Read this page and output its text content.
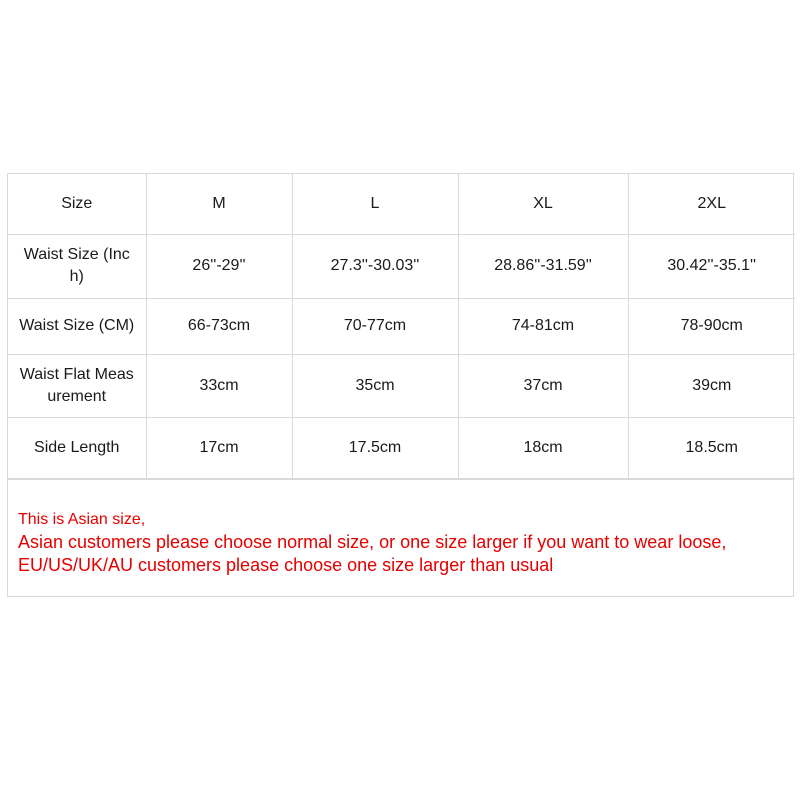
Size	M	L	XL	2XL
Waist Size (Inch)	26''-29''	27.3''-30.03''	28.86''-31.59''	30.42''-35.1''
Waist Size (CM)	66-73cm	70-77cm	74-81cm	78-90cm
Waist Flat Measurement	33cm	35cm	37cm	39cm
Side Length	17cm	17.5cm	18cm	18.5cm
This is Asian size,
Asian customers please choose normal size, or one size larger if you want to wear loose,
EU/US/UK/AU customers please choose one size larger than usual
